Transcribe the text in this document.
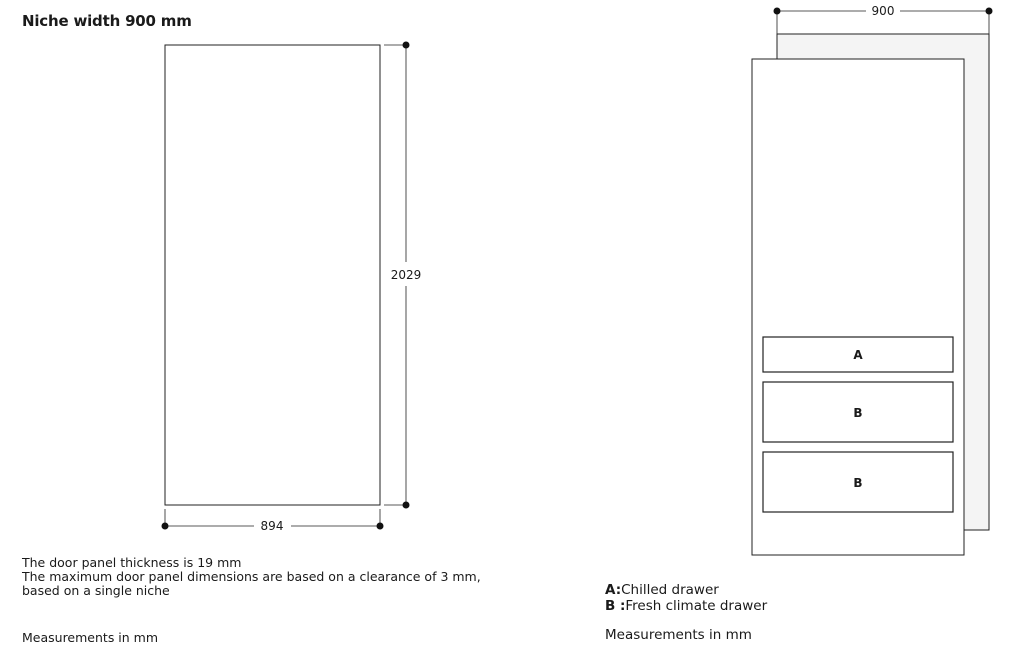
Niche width 900 mm
2029
894
900
A
B
B
The door panel thickness is 19 mm
The maximum door panel dimensions are based on a clearance of 3 mm,
based on a single niche
Measurements in mm
A:Chilled drawer
B :Fresh climate drawer
Measurements in mm
